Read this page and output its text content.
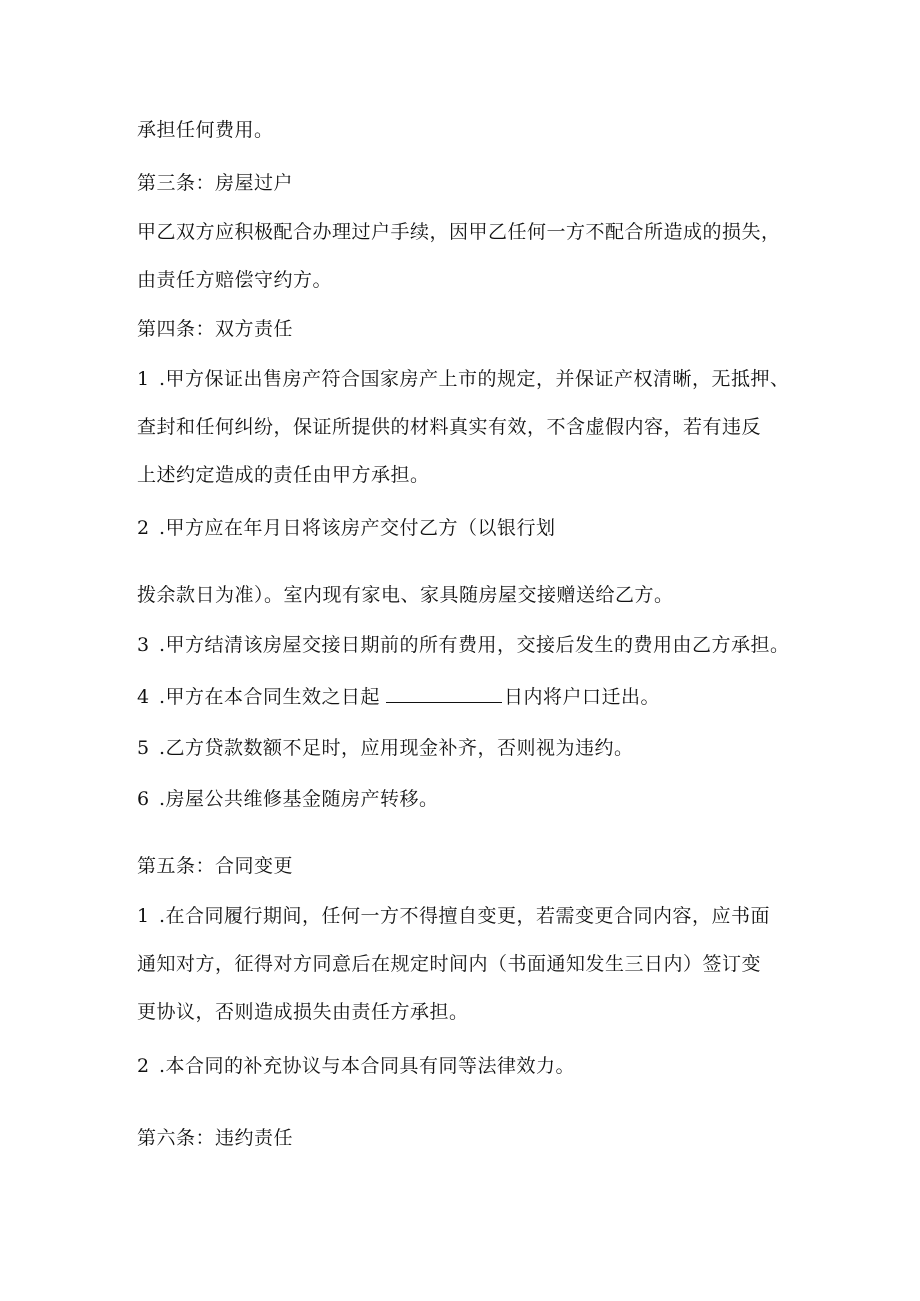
承担任何费用。
第三条：房屋过户
甲乙双方应积极配合办理过户手续，因甲乙任何一方不配合所造成的损失，
由责任方赔偿守约方。
第四条：双方责任
1 .甲方保证出售房产符合国家房产上市的规定，并保证产权清晰，无抵押、
查封和任何纠纷，保证所提供的材料真实有效，不含虚假内容，若有违反
上述约定造成的责任由甲方承担。
2 .甲方应在年月日将该房产交付乙方（以银行划
拨余款日为准）。室内现有家电、家具随房屋交接赠送给乙方。
3 .甲方结清该房屋交接日期前的所有费用，交接后发生的费用由乙方承担。
4 .甲方在本合同生效之日起	日内将户口迁出。
5 .乙方贷款数额不足时，应用现金补齐，否则视为违约。
6 .房屋公共维修基金随房产转移。
第五条：合同变更
1 .在合同履行期间，任何一方不得擅自变更，若需变更合同内容，应书面
通知对方，征得对方同意后在规定时间内（书面通知发生三日内）签订变
更协议，否则造成损失由责任方承担。
2 .本合同的补充协议与本合同具有同等法律效力。
第六条：违约责任
